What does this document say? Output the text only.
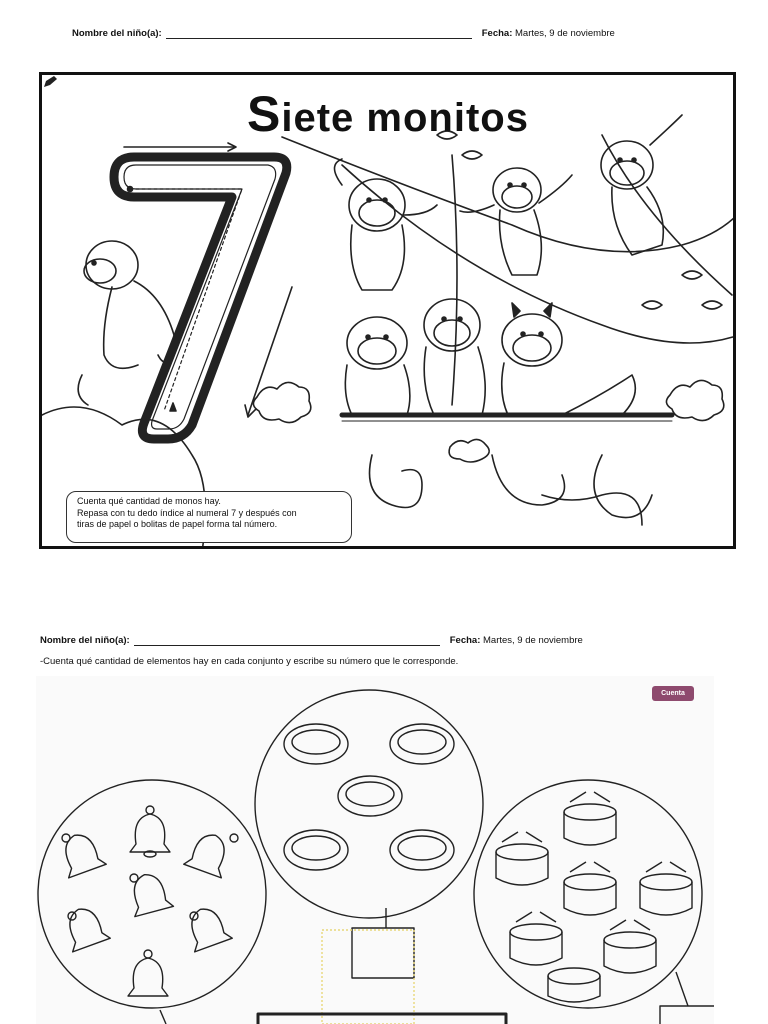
Nombre del niño(a):	Fecha:
Martes, 9 de noviembre
Siete monitos
Cuenta qué cantidad de monos hay.
Repasa con tu dedo índice al numeral 7 y después con
tiras de papel o bolitas de papel forma tal número.
Nombre del niño(a):	Fecha:
Martes, 9 de noviembre
-Cuenta qué cantidad de elementos hay en cada conjunto y escribe su número que le corresponde.
Cuenta
